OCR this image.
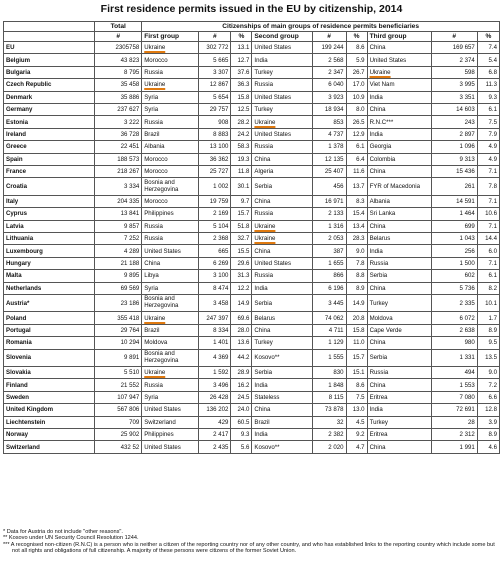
First residence permits issued in the EU by citizenship, 2014
	Total	Citizenships of main groups of residence permits beneficiaries								
	#	First group	#	%	Second group	#	%	Third group	#	%
EU	2305758	Ukraine	302 772	13.1	United States	199 244	8.6	China	169 657	7.4
Belgium	43 823	Morocco	5 665	12.7	India	2 568	5.9	United States	2 374	5.4
Bulgaria	8 795	Russia	3 307	37.6	Turkey	2 347	26.7	Ukraine	598	6.8
Czech Republic	35 458	Ukraine	12 867	36.3	Russia	6 040	17.0	Viet Nam	3 995	11.3
Denmark	35 886	Syria	5 654	15.8	United States	3 923	10.9	India	3 351	9.3
Germany	237 627	Syria	29 757	12.5	Turkey	18 934	8.0	China	14 603	6.1
Estonia	3 222	Russia	908	28.2	Ukraine	853	26.5	R.N.C***	243	7.5
Ireland	36 728	Brazil	8 883	24.2	United States	4 737	12.9	India	2 897	7.9
Greece	22 451	Albania	13 100	58.3	Russia	1 378	6.1	Georgia	1 096	4.9
Spain	188 573	Morocco	36 362	19.3	China	12 135	6.4	Colombia	9 313	4.9
France	218 267	Morocco	25 727	11.8	Algeria	25 407	11.6	China	15 436	7.1
Croatia	3 334	Bosnia and Herzegovina	1 002	30.1	Serbia	456	13.7	FYR of Macedonia	261	7.8
Italy	204 335	Morocco	19 759	9.7	China	16 971	8.3	Albania	14 591	7.1
Cyprus	13 841	Philippines	2 169	15.7	Russia	2 133	15.4	Sri Lanka	1 464	10.6
Latvia	9 857	Russia	5 104	51.8	Ukraine	1 316	13.4	China	699	7.1
Lithuania	7 252	Russia	2 368	32.7	Ukraine	2 053	28.3	Belarus	1 043	14.4
Luxembourg	4 289	United States	665	15.5	China	387	9.0	India	256	6.0
Hungary	21 188	China	6 269	29.6	United States	1 655	7.8	Russia	1 500	7.1
Malta	9 895	Libya	3 100	31.3	Russia	866	8.8	Serbia	602	6.1
Netherlands	69 569	Syria	8 474	12.2	India	6 196	8.9	China	5 736	8.2
Austria*	23 186	Bosnia and Herzegovina	3 458	14.9	Serbia	3 445	14.9	Turkey	2 335	10.1
Poland	355 418	Ukraine	247 397	69.6	Belarus	74 062	20.8	Moldova	6 072	1.7
Portugal	29 764	Brazil	8 334	28.0	China	4 711	15.8	Cape Verde	2 638	8.9
Romania	10 294	Moldova	1 401	13.6	Turkey	1 129	11.0	China	980	9.5
Slovenia	9 891	Bosnia and Herzegovina	4 369	44.2	Kosovo**	1 555	15.7	Serbia	1 331	13.5
Slovakia	5 510	Ukraine	1 592	28.9	Serbia	830	15.1	Russia	494	9.0
Finland	21 552	Russia	3 496	16.2	India	1 848	8.6	China	1 553	7.2
Sweden	107 947	Syria	26 428	24.5	Stateless	8 115	7.5	Eritrea	7 080	6.6
United Kingdom	567 806	United States	136 202	24.0	China	73 878	13.0	India	72 691	12.8
Liechtenstein	709	Switzerland	429	60.5	Brazil	32	4.5	Turkey	28	3.9
Norway	25 902	Philippines	2 417	9.3	India	2 382	9.2	Eritrea	2 312	8.9
Switzerland	432 52	United States	2 435	5.6	Kosovo**	2 020	4.7	China	1 991	4.6
* Data for Austria do not include "other reasons".
** Kosovo under UN Security Council Resolution 1244.
*** A recognised non-citizen (R.N.C) is a person who is neither a citizen of the reporting country nor of any other country, and who has established links to the reporting country which include some but not all rights and obligations of full citizenship. A majority of these persons were citizens of the former Soviet Union.
